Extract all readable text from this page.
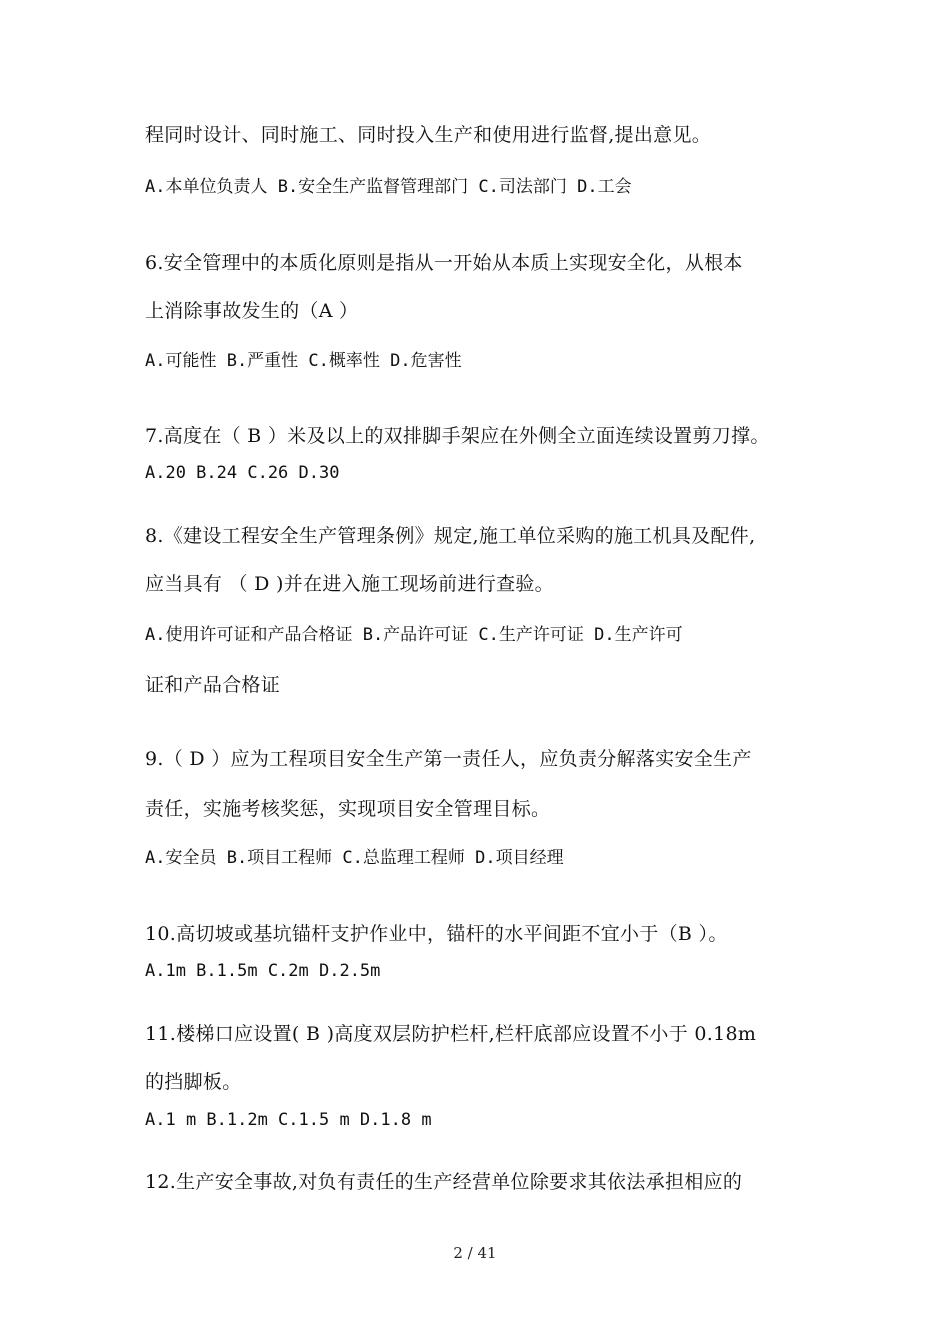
程同时设计、同时施工、同时投入生产和使用进行监督,提出意见。
A.本单位负责人 B.安全生产监督管理部门 C.司法部门 D.工会
6.安全管理中的本质化原则是指从一开始从本质上实现安全化，从根本
上消除事故发生的（A ）
A.可能性 B.严重性 C.概率性 D.危害性
7.高度在（ B ）米及以上的双排脚手架应在外侧全立面连续设置剪刀撑。
A.20 B.24 C.26 D.30
8.《建设工程安全生产管理条例》规定,施工单位采购的施工机具及配件,
应当具有 （ D )并在进入施工现场前进行查验。
A.使用许可证和产品合格证 B.产品许可证 C.生产许可证 D.生产许可
证和产品合格证
9.（ D ）应为工程项目安全生产第一责任人，应负责分解落实安全生产
责任，实施考核奖惩，实现项目安全管理目标。
A.安全员 B.项目工程师 C.总监理工程师 D.项目经理
10.高切坡或基坑锚杆支护作业中，锚杆的水平间距不宜小于（B ）。
A.1m B.1.5m C.2m D.2.5m
11.楼梯口应设置( B )高度双层防护栏杆,栏杆底部应设置不小于 0.18m
的挡脚板。
A.1 m B.1.2m C.1.5 m D.1.8 m
12.生产安全事故,对负有责任的生产经营单位除要求其依法承担相应的
2 / 41
